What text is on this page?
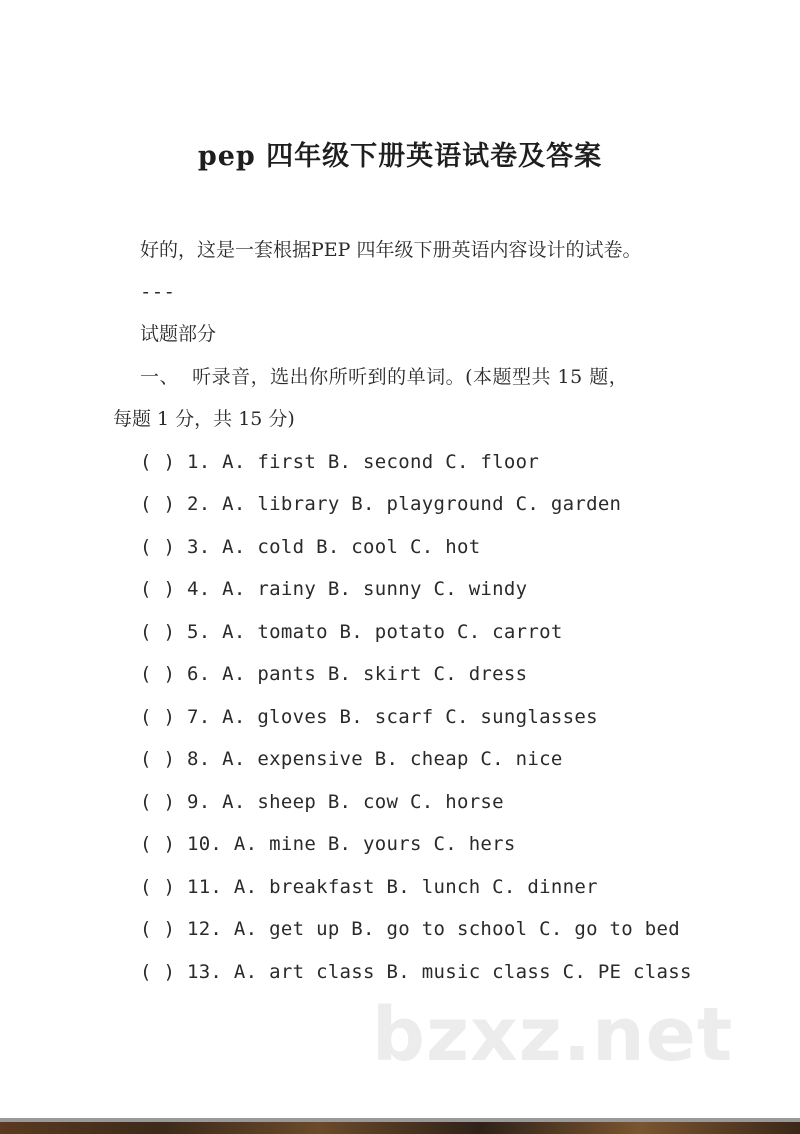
pep 四年级下册英语试卷及答案
好的，这是一套根据PEP 四年级下册英语内容设计的试卷。
---
试题部分
一、  听录音，选出你所听到的单词。(本题型共 15 题，
每题 1 分，共 15 分)
( ) 1. A. first B. second C. floor
( ) 2. A. library B. playground C. garden
( ) 3. A. cold B. cool C. hot
( ) 4. A. rainy B. sunny C. windy
( ) 5. A. tomato B. potato C. carrot
( ) 6. A. pants B. skirt C. dress
( ) 7. A. gloves B. scarf C. sunglasses
( ) 8. A. expensive B. cheap C. nice
( ) 9. A. sheep B. cow C. horse
( ) 10. A. mine B. yours C. hers
( ) 11. A. breakfast B. lunch C. dinner
( ) 12. A. get up B. go to school C. go to bed
( ) 13. A. art class B. music class C. PE class
bzxz.net
